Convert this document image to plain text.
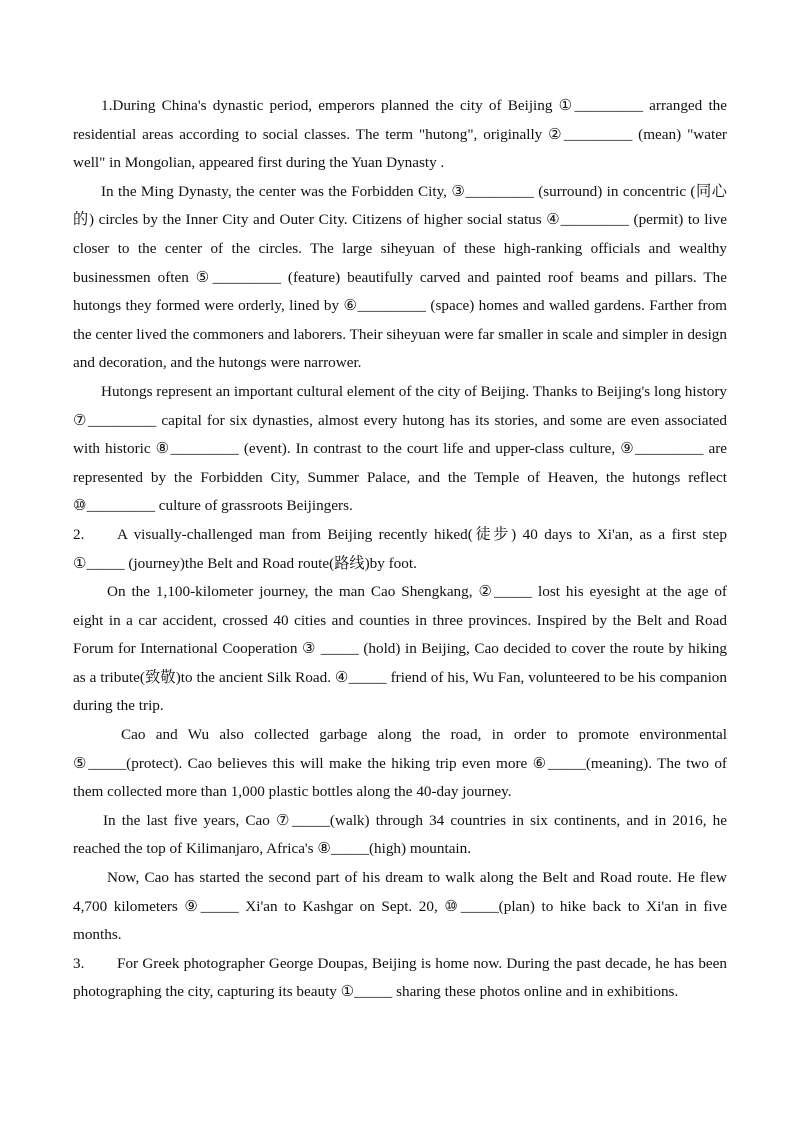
1.During China's dynastic period, emperors planned the city of Beijing ①_________ arranged the residential areas according to social classes. The term "hutong", originally ②_________ (mean) "water well" in Mongolian, appeared first during the Yuan Dynasty .

In the Ming Dynasty, the center was the Forbidden City, ③_________ (surround) in concentric (同心的) circles by the Inner City and Outer City. Citizens of higher social status ④_________ (permit) to live closer to the center of the circles. The large siheyuan of these high-ranking officials and wealthy businessmen often ⑤_________ (feature) beautifully carved and painted roof beams and pillars. The hutongs they formed were orderly, lined by ⑥_________ (space) homes and walled gardens. Farther from the center lived the commoners and laborers. Their siheyuan were far smaller in scale and simpler in design and decoration, and the hutongs were narrower.

Hutongs represent an important cultural element of the city of Beijing. Thanks to Beijing's long history ⑦_________ capital for six dynasties, almost every hutong has its stories, and some are even associated with historic ⑧_________ (event). In contrast to the court life and upper-class culture, ⑨_________ are represented by the Forbidden City, Summer Palace, and the Temple of Heaven, the hutongs reflect ⑩_________ culture of grassroots Beijingers.

2. A visually-challenged man from Beijing recently hiked(徒步) 40 days to Xi'an, as a first step ①_____ (journey)the Belt and Road route(路线)by foot.

On the 1,100-kilometer journey, the man Cao Shengkang, ②_____ lost his eyesight at the age of eight in a car accident, crossed 40 cities and counties in three provinces. Inspired by the Belt and Road Forum for International Cooperation ③ _____ (hold) in Beijing, Cao decided to cover the route by hiking as a tribute(致敬)to the ancient Silk Road. ④_____ friend of his, Wu Fan, volunteered to be his companion during the trip.

Cao and Wu also collected garbage along the road, in order to promote environmental ⑤_____(protect). Cao believes this will make the hiking trip even more ⑥_____(meaning). The two of them collected more than 1,000 plastic bottles along the 40-day journey.

In the last five years, Cao ⑦_____(walk) through 34 countries in six continents, and in 2016, he reached the top of Kilimanjaro, Africa's ⑧_____(high) mountain.

Now, Cao has started the second part of his dream to walk along the Belt and Road route. He flew 4,700 kilometers ⑨_____ Xi'an to Kashgar on Sept. 20, ⑩_____(plan) to hike back to Xi'an in five months.

3. For Greek photographer George Doupas, Beijing is home now. During the past decade, he has been photographing the city, capturing its beauty ①_____ sharing these photos online and in exhibitions.
